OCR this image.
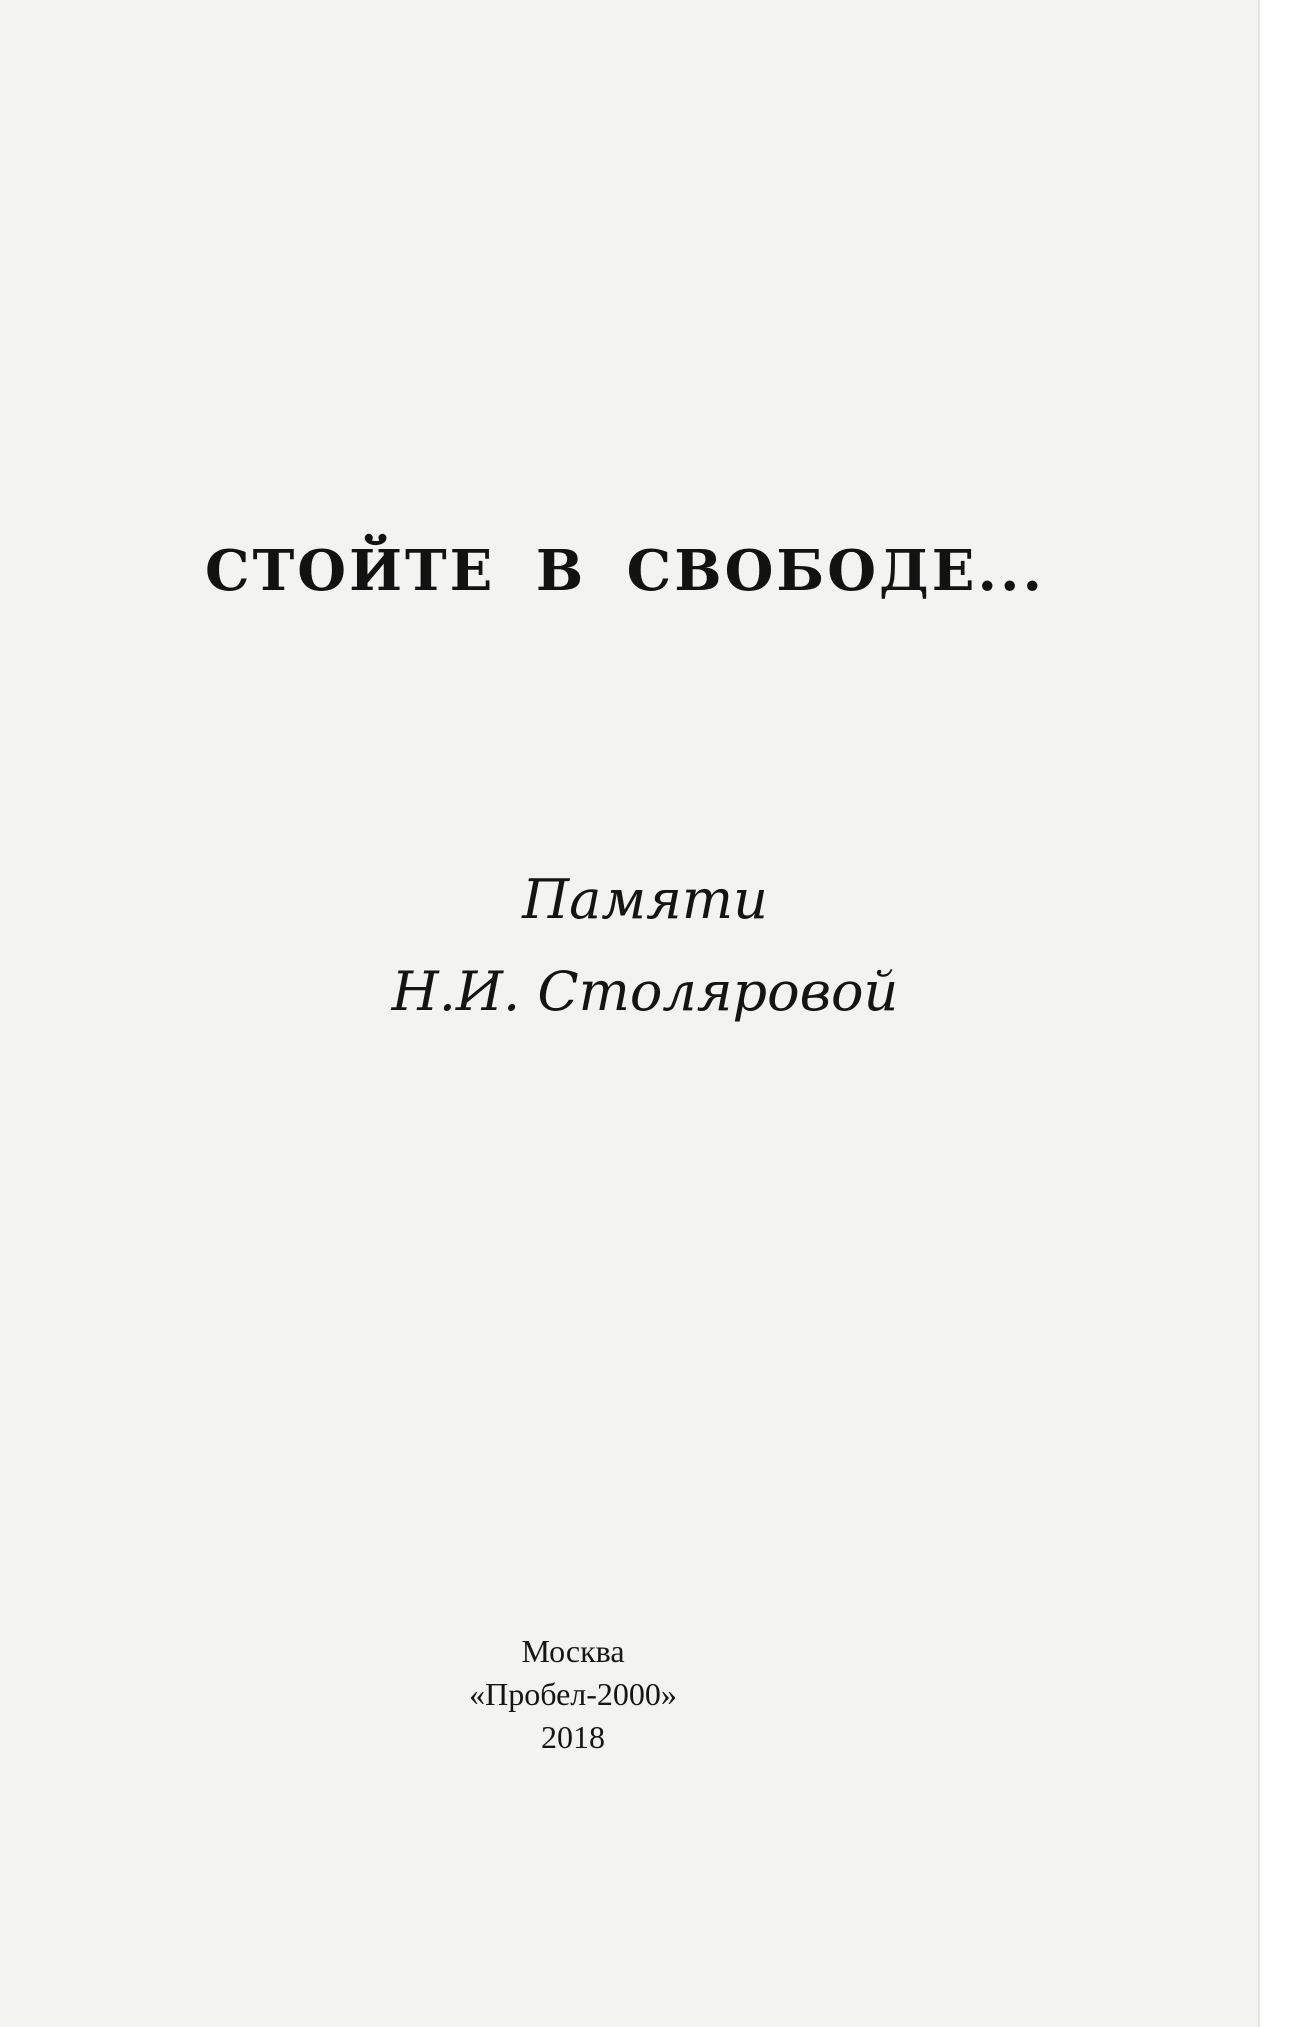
СТОЙТЕ В СВОБОДЕ...

Памяти

Н.И. Столяровой

Москва
«Пробел-2000»
2018
